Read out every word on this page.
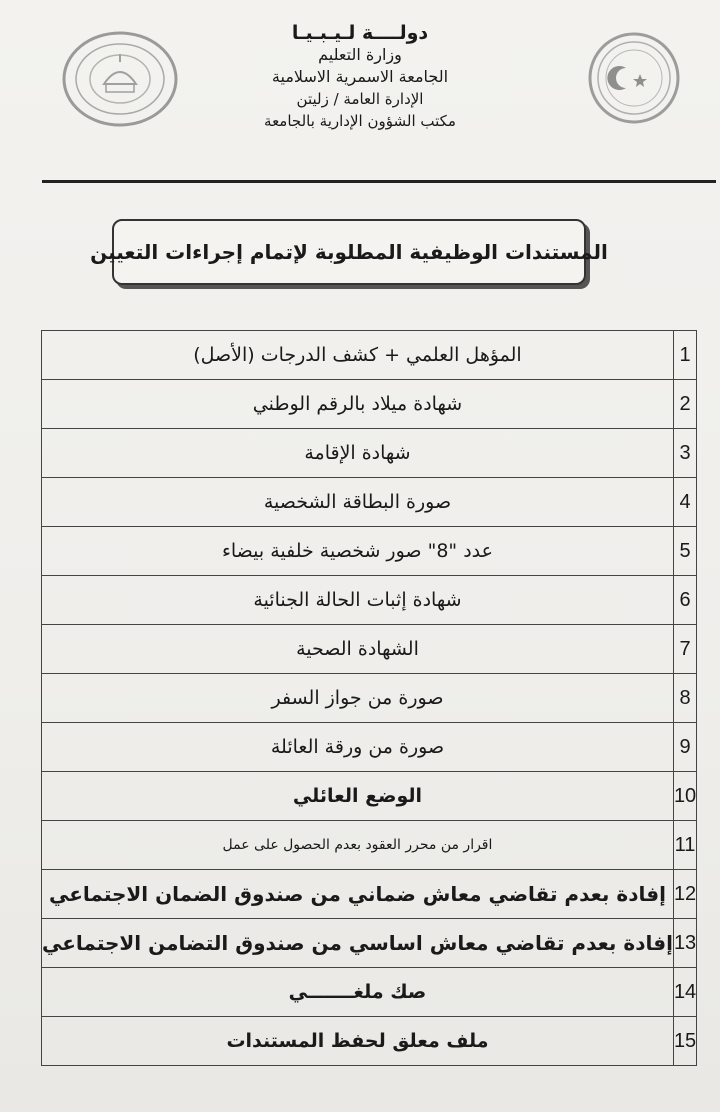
دولــــة لـيـبـيـا
وزارة التعليم
الجامعة الاسمرية الاسلامية
الإدارة العامة / زليتن
مكتب الشؤون الإدارية بالجامعة
المستندات الوظيفية المطلوبة لإتمام إجراءات التعيين
1	المؤهل العلمي + كشف الدرجات (الأصل)
2	شهادة ميلاد بالرقم الوطني
3	شهادة الإقامة
4	صورة البطاقة الشخصية
5	عدد "8" صور شخصية خلفية بيضاء
6	شهادة إثبات الحالة الجنائية
7	الشهادة الصحية
8	صورة من جواز السفر
9	صورة من ورقة العائلة
10	الوضع العائلي
11	اقرار من محرر العقود بعدم الحصول على عمل
12	إفادة بعدم تقاضي معاش ضماني من صندوق الضمان الاجتماعي
13	إفادة بعدم تقاضي معاش اساسي من صندوق التضامن الاجتماعي
14	صك ملغـــــــي
15	ملف معلق لحفظ المستندات
